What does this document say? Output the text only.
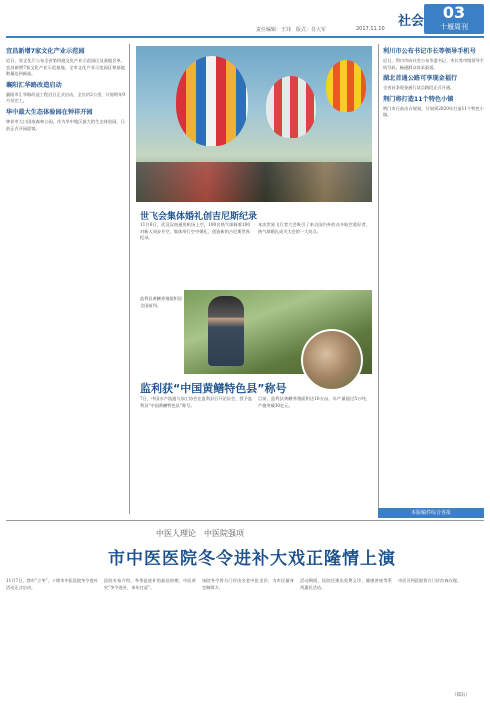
社会	03
十堰周刊
责任编辑：王玮　版式：肖大军	2017.11.10
宜昌新增7家文化产业示范园

近日，省文化厅公布全省第四批文化产业示范园区及基地名单，宜昌新增7家文化产业示范基地，全市文化产业示范园区和基地数量达到新高。

襄阳汇华路改造启动

襄阳市汇华路改造工程近日正式启动，全长约2公里，计划明年9月份完工。

华中最大生态体验园在钟祥开园

钟祥市大口国家森林公园，作为华中地区最大的生态体验园，日前正式开园迎客。

世飞会集体婚礼创吉尼斯纪录
11月6日，武汉汉南通用机场上空，100名热气球载着100对新人同步升空，集体举行空中婚礼，创造新的吉尼斯世界纪录。
本次世界飞行者大会吸引了来自国内外的众多航空爱好者，热气球婚礼成为大会的一大亮点。
监利县黄鳝养殖面积居全国前列。
监利获“中国黄鳝特色县”称号
7日，中国水产流通与加工协会在监利县召开论证会，授予监利县“中国黄鳝特色县”称号。
目前，监利县黄鳝养殖面积达10万亩，年产量超过5万吨，产值突破30亿元。
利川市公布书记市长等领导手机号

近日，利川市向社会公布市委书记、市长等市级领导手机号码，畅通群众诉求渠道。

湖北首通公路可享现金福行

全省首条现金通行试点路段正式开通。

荆门将打造11个特色小镇

荆门市日前出台规划，计划到2020年打造11个特色小镇。

本版稿件综合各报
中医人理论　中医院强项
市中医医院冬令进补大戏正隆情上演
11月7日，我市“立冬”，十堰市中医医院冬令进补活动正式启动。
医院专家介绍，冬季是进补的最佳时期，中医讲究“冬令进补，来年打虎”。
该院冬令膏方门诊由名老中医坐诊，为市民量身定制膏方。
活动期间，医院还推出免费义诊、健康讲座等系列惠民活动。
市民可到医院膏方门诊咨询办理。
（郑石）
